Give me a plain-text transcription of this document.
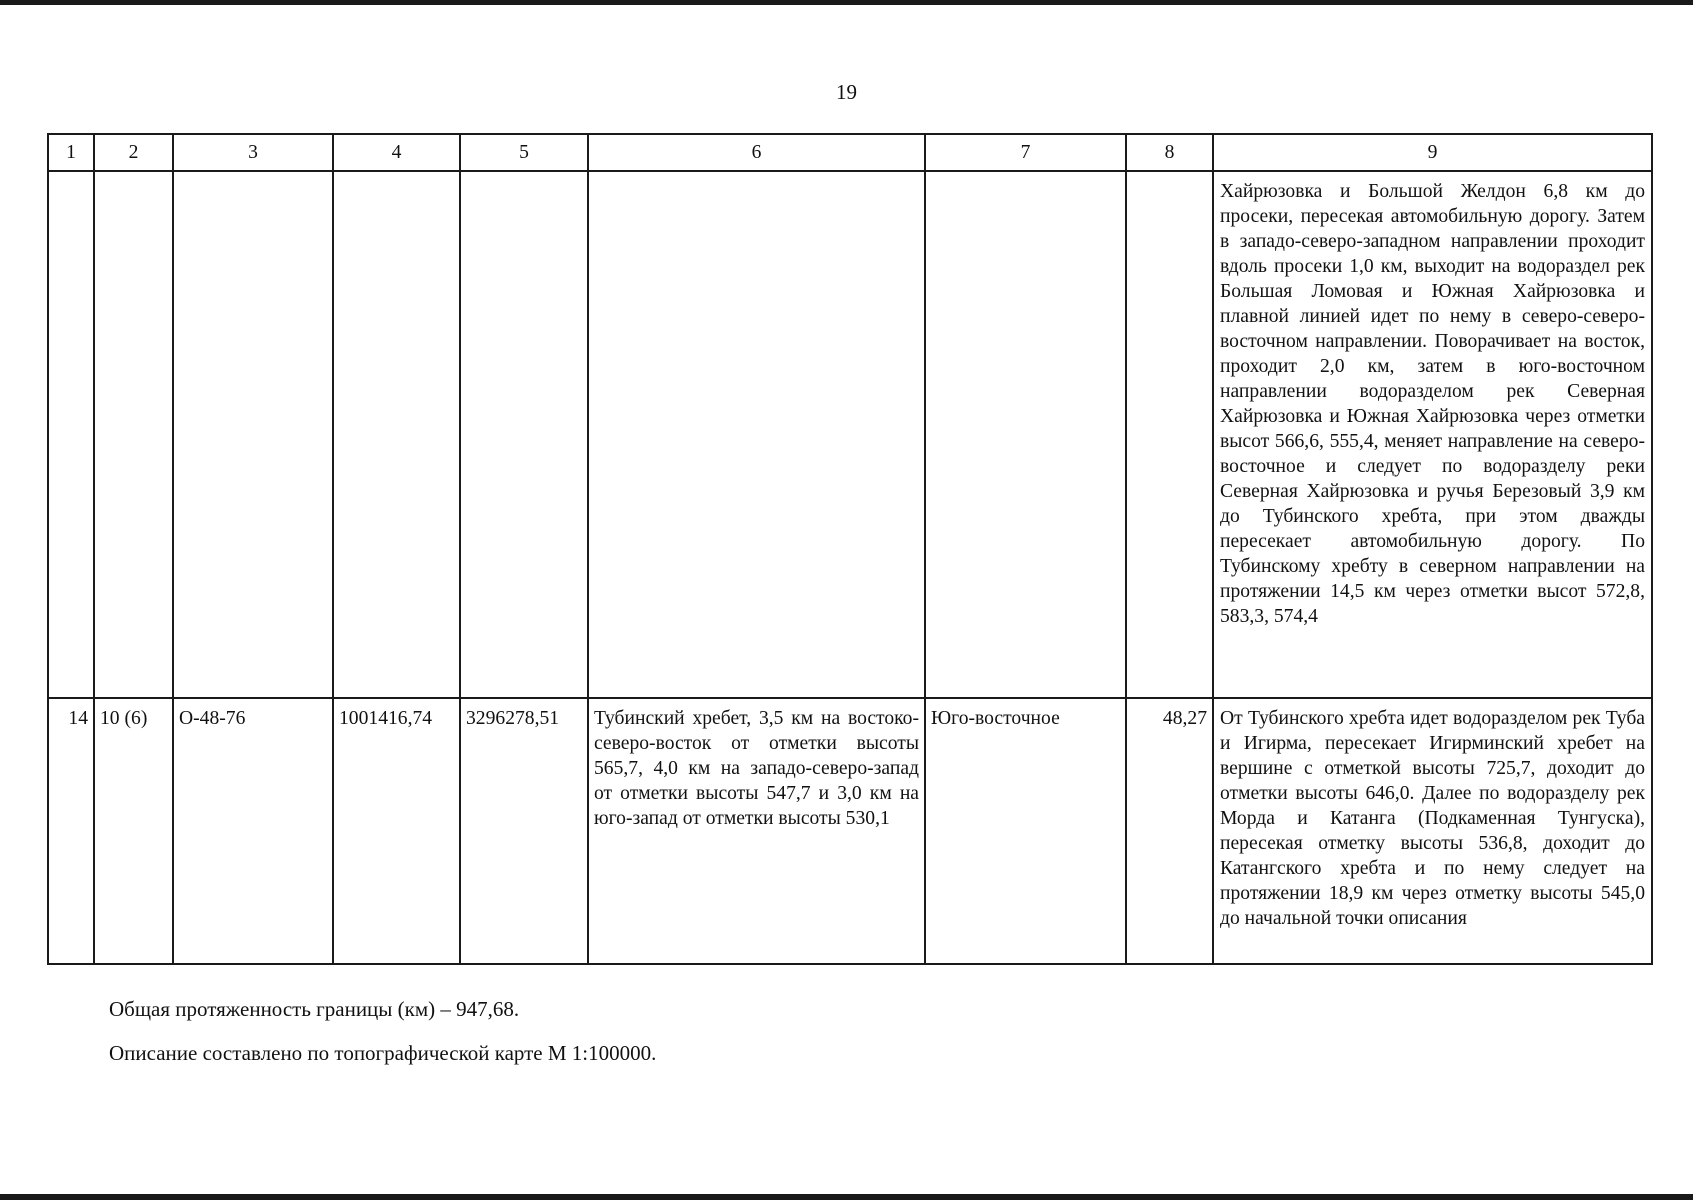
19
1	2	3	4	5	6	7	8	9

								Хайрюзовка и Большой Желдон 6,8 км до просеки, пересекая автомобильную дорогу. Затем в западо-северо-западном направлении проходит вдоль просеки 1,0 км, выходит на водораздел рек Большая Ломовая и Южная Хайрюзовка и плавной линией идет по нему в северо-северо-восточном направлении. Поворачивает на восток, проходит 2,0 км, затем в юго-восточном направлении водоразделом рек Северная Хайрюзовка и Южная Хайрюзовка через отметки высот 566,6, 555,4, меняет направление на северо-восточное и следует по водоразделу реки Северная Хайрюзовка и ручья Березовый 3,9 км до Тубинского хребта, при этом дважды пересекает автомобильную дорогу. По Тубинскому хребту в северном направлении на протяжении 14,5 км через отметки высот 572,8, 583,3, 574,4

14	10 (6)	О-48-76	1001416,74	3296278,51	Тубинский хребет, 3,5 км на востоко-северо-восток от отметки высоты 565,7, 4,0 км на западо-северо-запад от отметки высоты 547,7 и 3,0 км на юго-запад от отметки высоты 530,1	Юго-восточное	48,27	От Тубинского хребта идет водоразделом рек Туба и Игирма, пересекает Игирминский хребет на вершине с отметкой высоты 725,7, доходит до отметки высоты 646,0. Далее по водоразделу рек Морда и Катанга (Подкаменная Тунгуска), пересекая отметку высоты 536,8, доходит до Катангского хребта и по нему следует на протяжении 18,9 км через отметку высоты 545,0 до начальной точки описания
Общая протяженность границы (км) – 947,68.
Описание составлено по топографической карте М 1:100000.
